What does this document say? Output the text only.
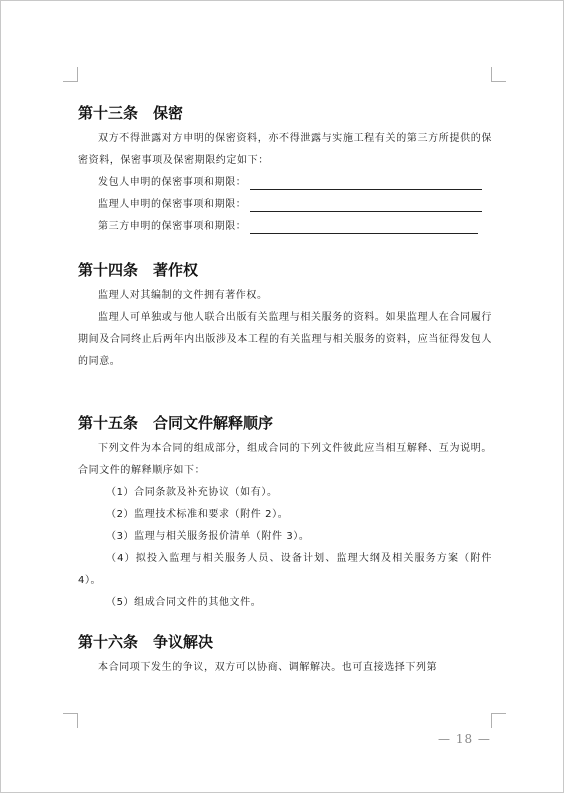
第十三条　保密

双方不得泄露对方申明的保密资料，亦不得泄露与实施工程有关的第三方所提供的保密资料，保密事项及保密期限约定如下：

发包人申明的保密事项和期限：
监理人申明的保密事项和期限：
第三方申明的保密事项和期限：
第十四条　著作权

监理人对其编制的文件拥有著作权。

监理人可单独或与他人联合出版有关监理与相关服务的资料。如果监理人在合同履行期间及合同终止后两年内出版涉及本工程的有关监理与相关服务的资料，应当征得发包人的同意。

第十五条　合同文件解释顺序

下列文件为本合同的组成部分，组成合同的下列文件彼此应当相互解释、互为说明。合同文件的解释顺序如下：

（1）合同条款及补充协议（如有）。

（2）监理技术标准和要求（附件 2）。

（3）监理与相关服务报价清单（附件 3）。

（4）拟投入监理与相关服务人员、设备计划、监理大纲及相关服务方案（附件4）。

（5）组成合同文件的其他文件。

第十六条　争议解决

本合同项下发生的争议，双方可以协商、调解解决。也可直接选择下列第

— 18 —
